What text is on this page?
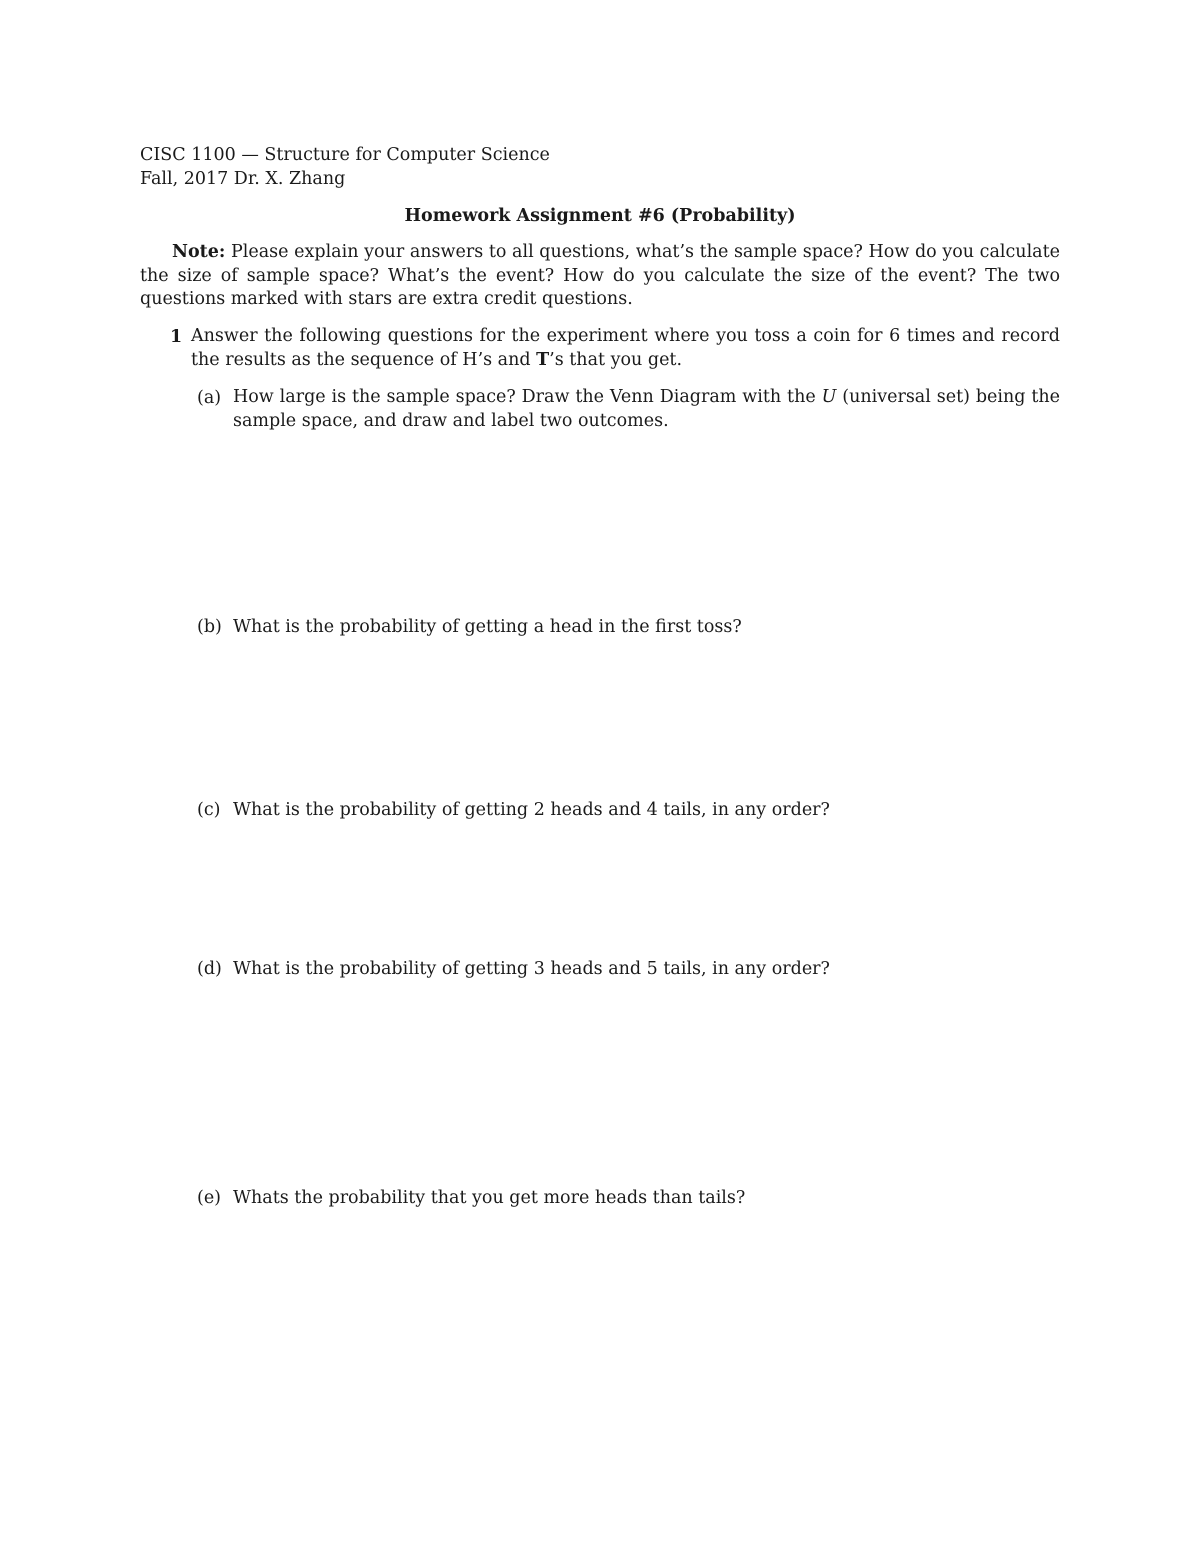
CISC 1100 — Structure for Computer Science
Fall, 2017 Dr. X. Zhang
Homework Assignment #6 (Probability)
Note: Please explain your answers to all questions, what’s the sample space? How do you calculate the size of sample space? What’s the event? How do you calculate the size of the event? The two questions marked with stars are extra credit questions.
1 Answer the following questions for the experiment where you toss a coin for 6 times and record the results as the sequence of H’s and T’s that you get.
(a) How large is the sample space? Draw the Venn Diagram with the U (universal set) being the sample space, and draw and label two outcomes.
(b) What is the probability of getting a head in the first toss?
(c) What is the probability of getting 2 heads and 4 tails, in any order?
(d) What is the probability of getting 3 heads and 5 tails, in any order?
(e) Whats the probability that you get more heads than tails?
